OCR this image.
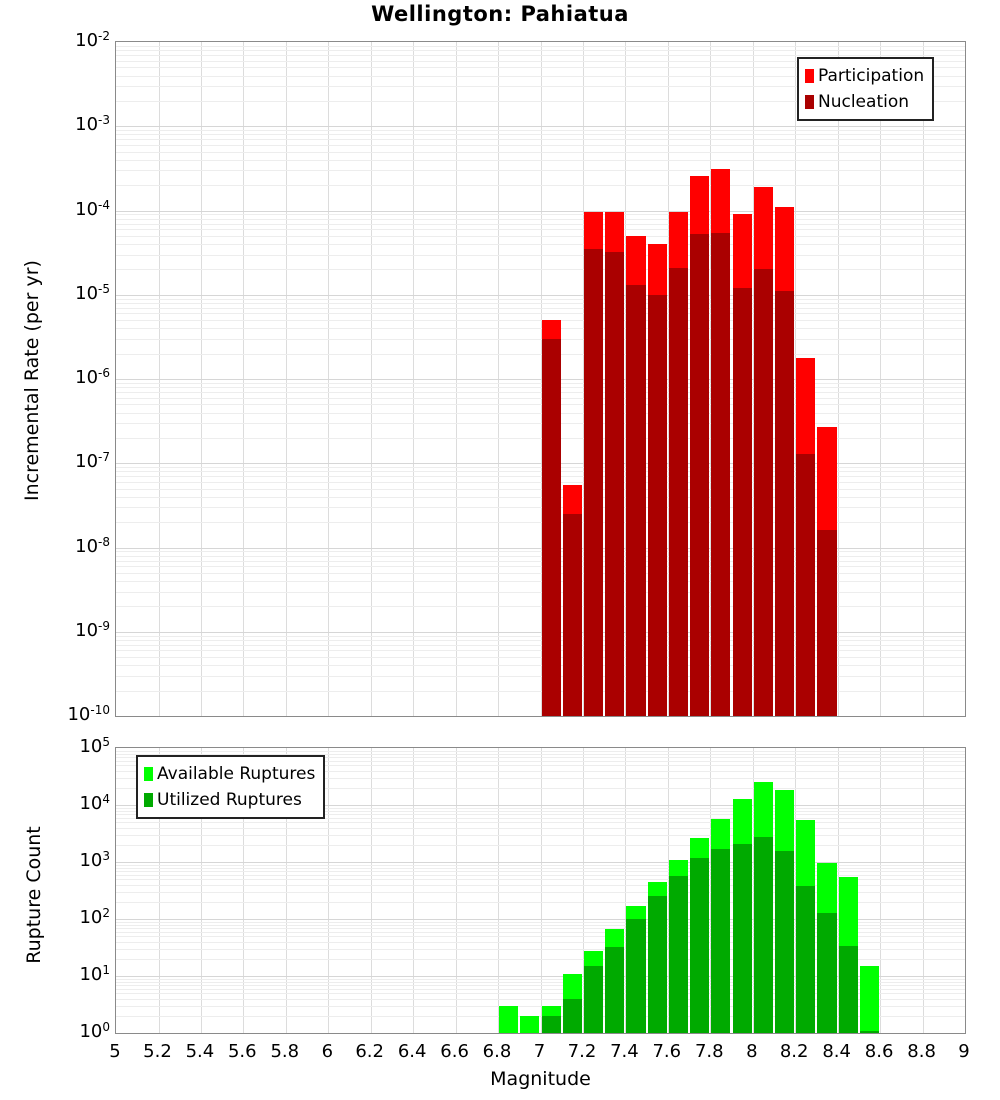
Wellington: Pahiatua
Incremental Rate (per yr)
Rupture Count
Magnitude
Participation
Nucleation
Available Ruptures
Utilized Ruptures
$10^{-2}$
$10^{-3}$
$10^{-4}$
$10^{-5}$
$10^{-6}$
$10^{-7}$
$10^{-8}$
$10^{-9}$
$10^{-10}$
$10^5$
$10^4$
$10^3$
$10^2$
$10^1$
$10^0$
5	5.2 5.4 5.6 5.8	6	6.2 6.4 6.6 6.8	7	7.2 7.4 7.6 7.8	8	8.2 8.4 8.6 8.8	9
